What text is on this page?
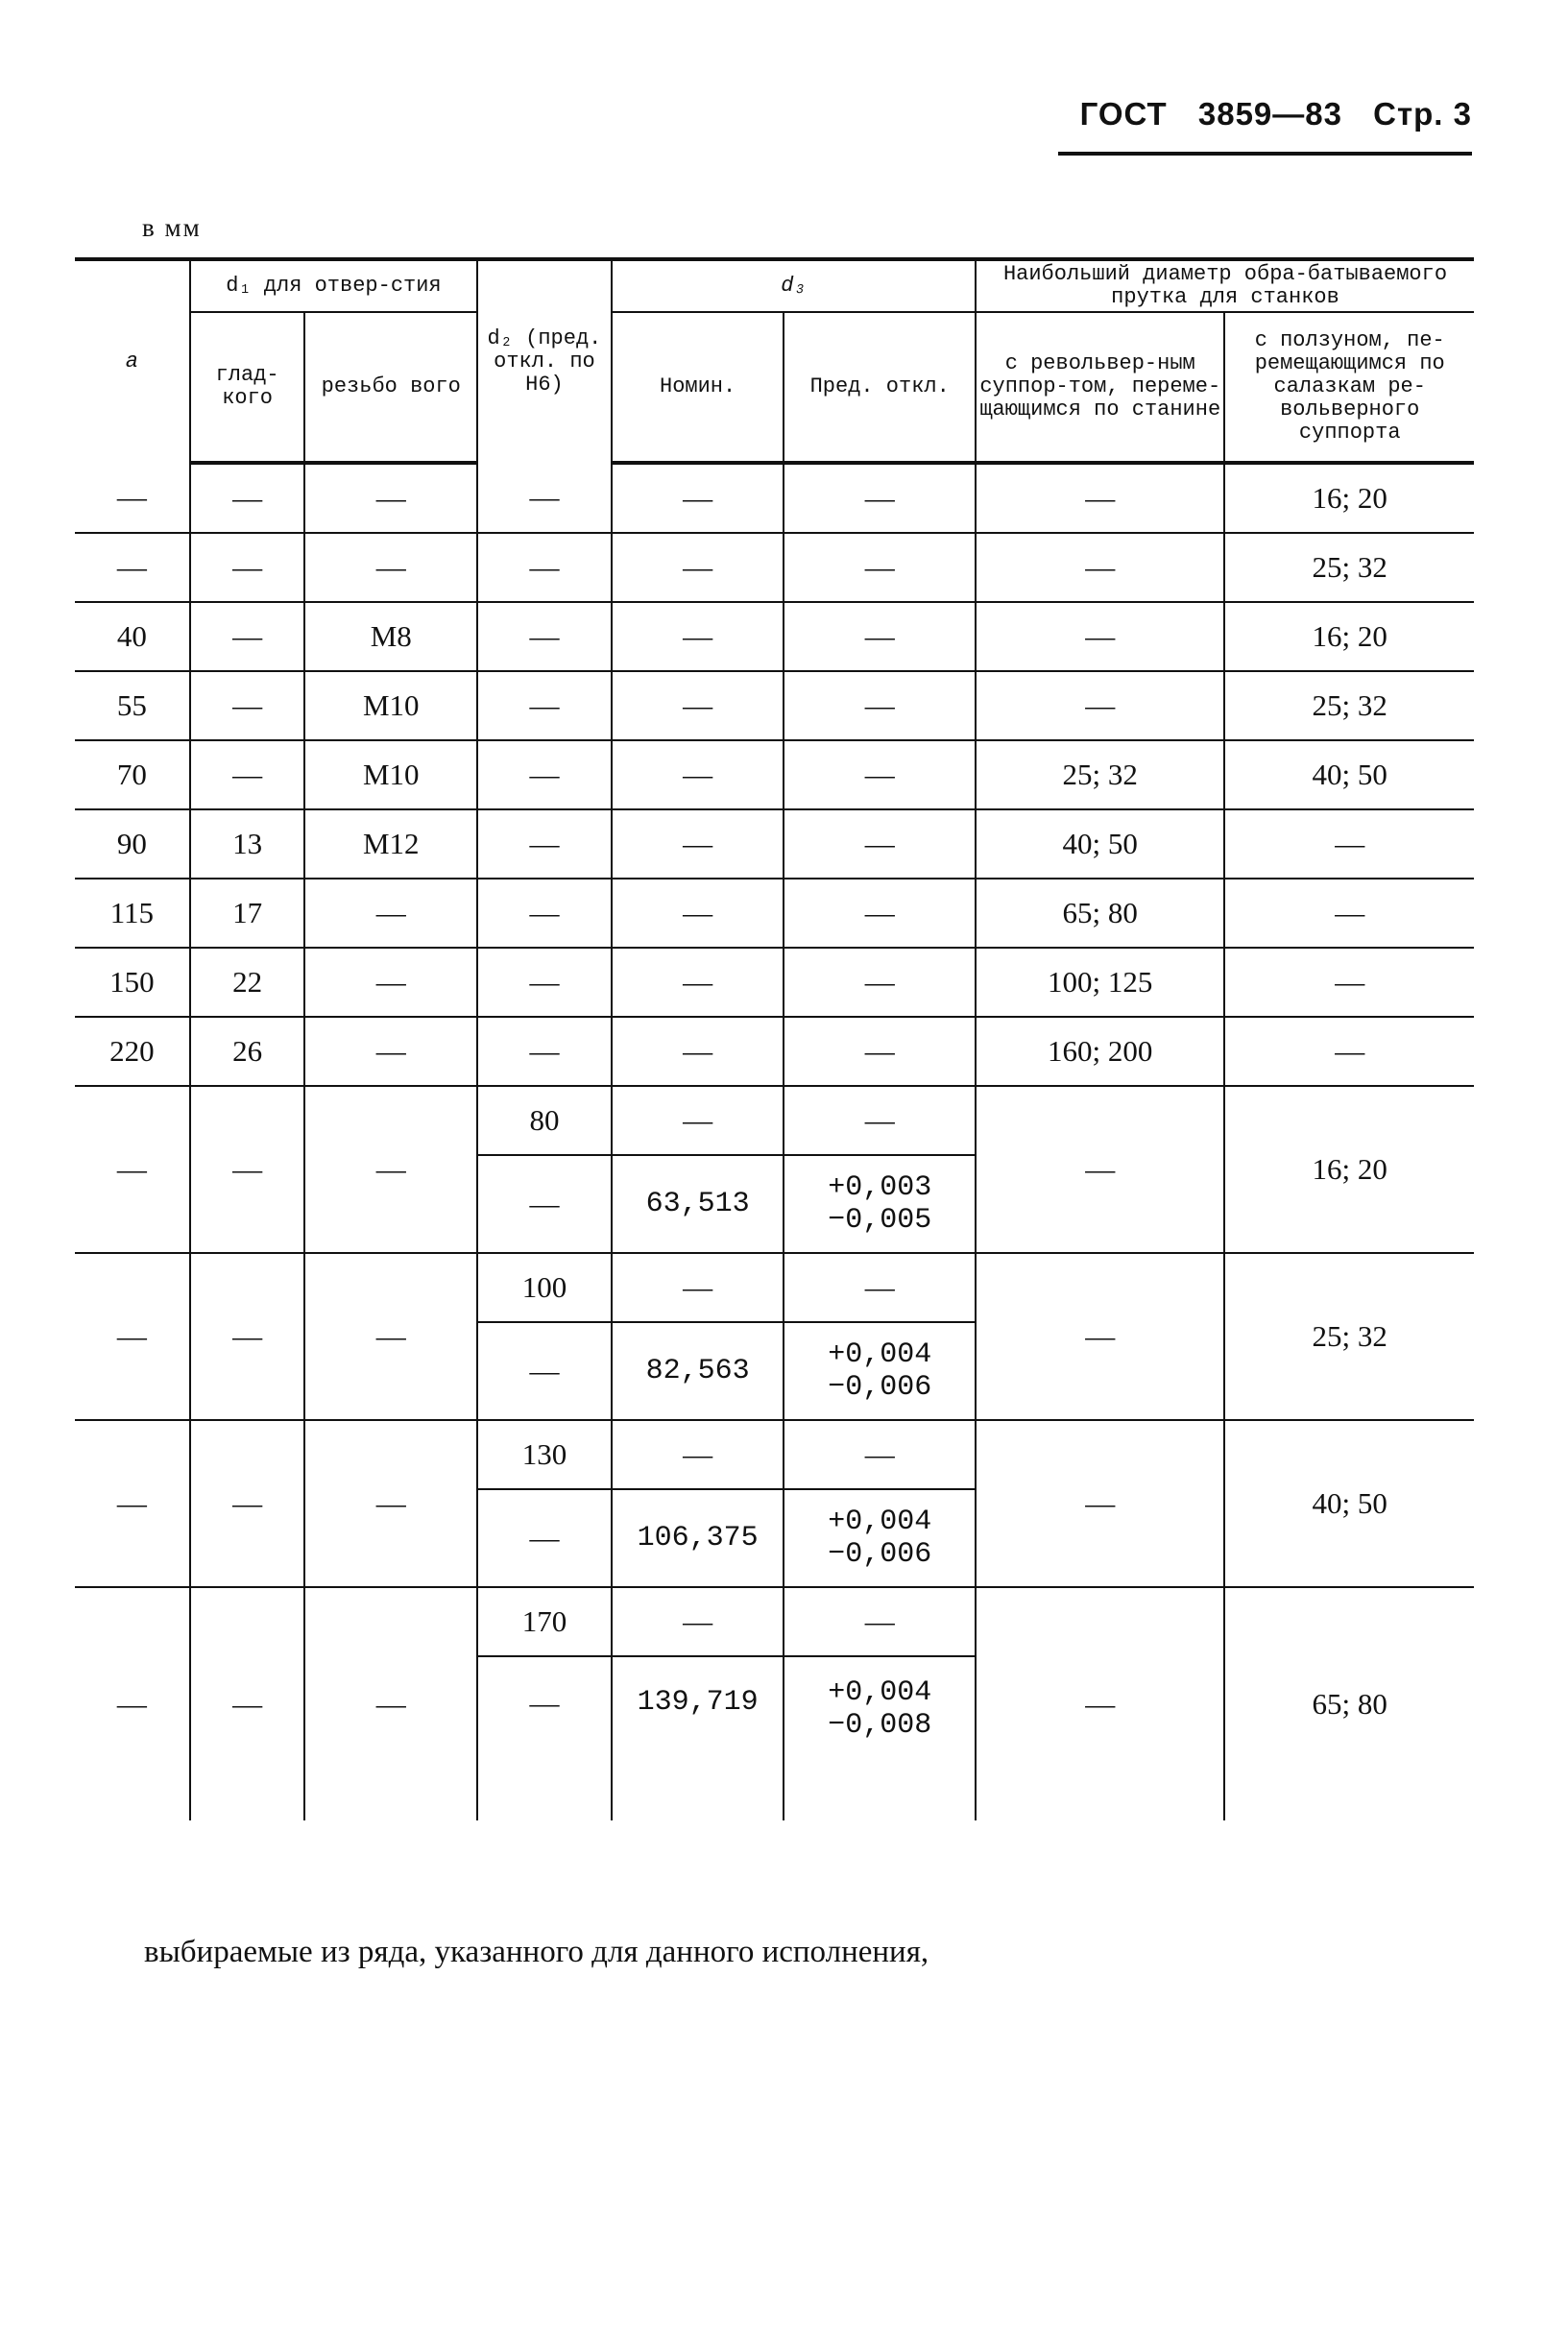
ГОСТ 3859—83 Стр. 3
в мм
a	d₁ для отвер-стия		d₂ (пред. откл. по H6)	d₃		Наибольший диаметр обра-батываемого прутка для станков	
	глад-кого	резьбо вого		Номин.	Пред. откл.	с револьвер-ным суппор-том, переме-щающимся по станине	с ползуном, пе-ремещающимся по салазкам ре-вольверного суппорта
—	—	—	—	—	—	—	16; 20
—	—	—	—	—	—	—	25; 32
40	—	M8	—	—	—	—	16; 20
55	—	M10	—	—	—	—	25; 32
70	—	M10	—	—	—	25; 32	40; 50
90	13	M12	—	—	—	40; 50	—
115	17	—	—	—	—	65; 80	—
150	22	—	—	—	—	100; 125	—
220	26	—	—	—	—	160; 200	—
—	—	—	80	—	—	—	16; 20
			—	63,513	+0,003
−0,005		

—	—	—	100	—	—	—	25; 32
			—	82,563	+0,004
−0,006		

—	—	—	130	—	—	—	40; 50
			—	106,375	+0,004
−0,006		

—	—	—	170	—	—	—	65; 80
			—	139,719	+0,004
−0,008		
выбираемые из ряда, указанного для данного исполнения,
